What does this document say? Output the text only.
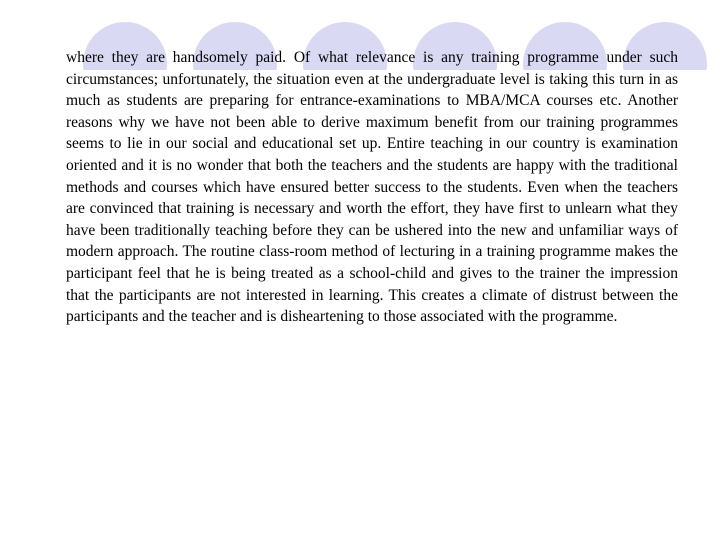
where they are handsomely paid. Of what relevance is any training programme under such circumstances; unfortunately, the situation even at the undergraduate level is taking this turn in as much as students are preparing for entrance-examinations to MBA/MCA courses etc. Another reasons why we have not been able to derive maximum benefit from our training programmes seems to lie in our social and educational set up. Entire teaching in our country is examination oriented and it is no wonder that both the teachers and the students are happy with the traditional methods and courses which have ensured better success to the students. Even when the teachers are convinced that training is necessary and worth the effort, they have first to unlearn what they have been traditionally teaching before they can be ushered into the new and unfamiliar ways of modern approach. The routine class-room method of lecturing in a training programme makes the participant feel that he is being treated as a school-child and gives to the trainer the impression that the participants are not interested in learning. This creates a climate of distrust between the participants and the teacher and is disheartening to those associated with the programme.
